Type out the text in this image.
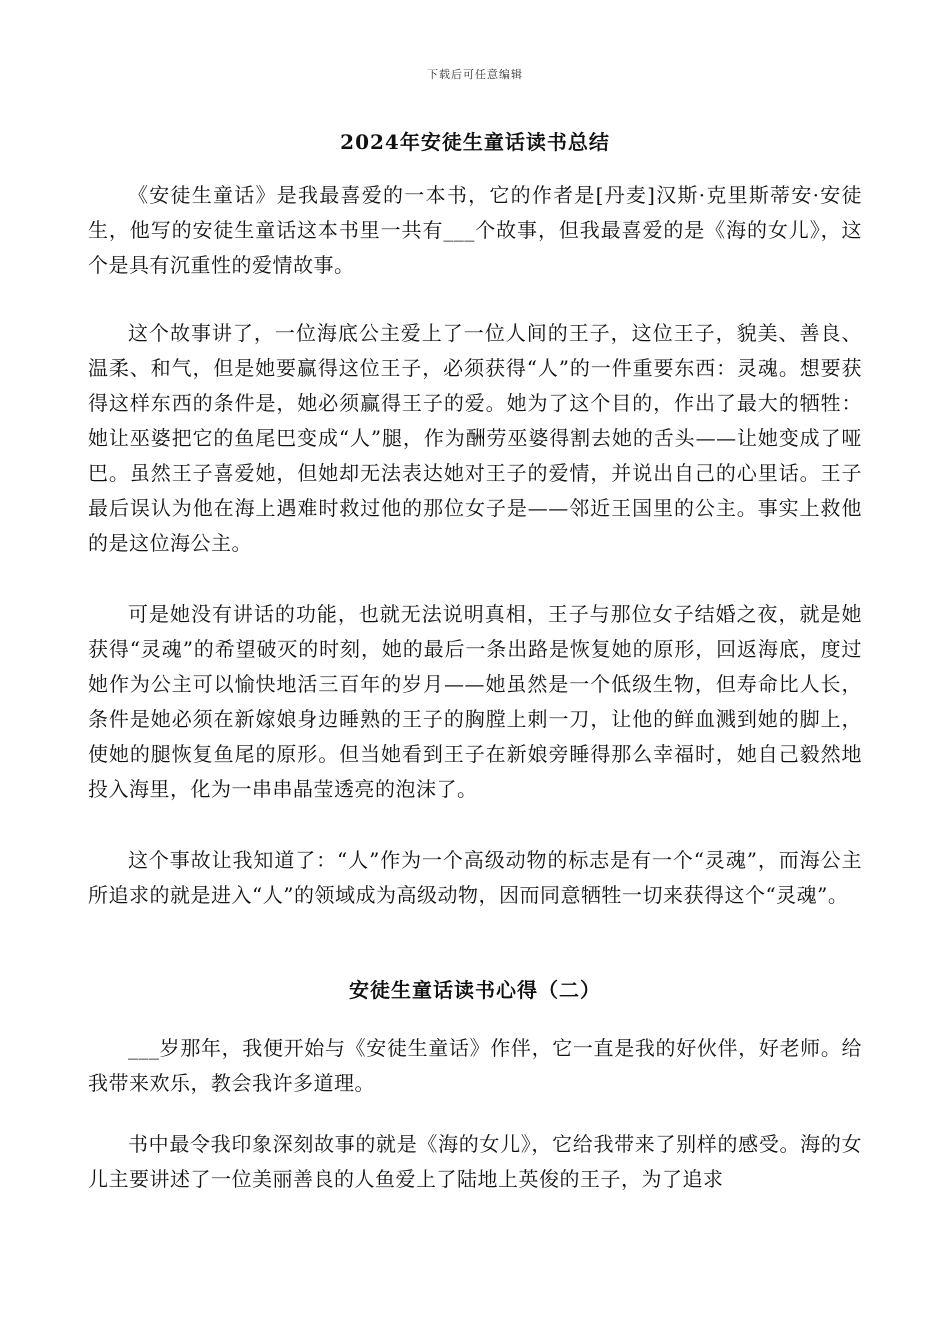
下载后可任意编辑
2024年安徒生童话读书总结

《安徒生童话》是我最喜爱的一本书，它的作者是[丹麦]汉斯·克里斯蒂安·安徒生，他写的安徒生童话这本书里一共有___个故事，但我最喜爱的是《海的女儿》，这个是具有沉重性的爱情故事。

这个故事讲了，一位海底公主爱上了一位人间的王子，这位王子，貌美、善良、温柔、和气，但是她要赢得这位王子，必须获得“人”的一件重要东西：灵魂。想要获得这样东西的条件是，她必须赢得王子的爱。她为了这个目的，作出了最大的牺牲：她让巫婆把它的鱼尾巴变成“人”腿，作为酬劳巫婆得割去她的舌头——让她变成了哑巴。虽然王子喜爱她，但她却无法表达她对王子的爱情，并说出自己的心里话。王子最后误认为他在海上遇难时救过他的那位女子是——邻近王国里的公主。事实上救他的是这位海公主。

可是她没有讲话的功能，也就无法说明真相，王子与那位女子结婚之夜，就是她获得“灵魂”的希望破灭的时刻，她的最后一条出路是恢复她的原形，回返海底，度过她作为公主可以愉快地活三百年的岁月——她虽然是一个低级生物，但寿命比人长，条件是她必须在新嫁娘身边睡熟的王子的胸膛上刺一刀，让他的鲜血溅到她的脚上，使她的腿恢复鱼尾的原形。但当她看到王子在新娘旁睡得那么幸福时，她自己毅然地投入海里，化为一串串晶莹透亮的泡沫了。

这个事故让我知道了：“人”作为一个高级动物的标志是有一个“灵魂”，而海公主所追求的就是进入“人”的领域成为高级动物，因而同意牺牲一切来获得这个“灵魂”。

安徒生童话读书心得（二）

___岁那年，我便开始与《安徒生童话》作伴，它一直是我的好伙伴，好老师。给我带来欢乐，教会我许多道理。

书中最令我印象深刻故事的就是《海的女儿》，它给我带来了别样的感受。海的女儿主要讲述了一位美丽善良的人鱼爱上了陆地上英俊的王子，为了追求
